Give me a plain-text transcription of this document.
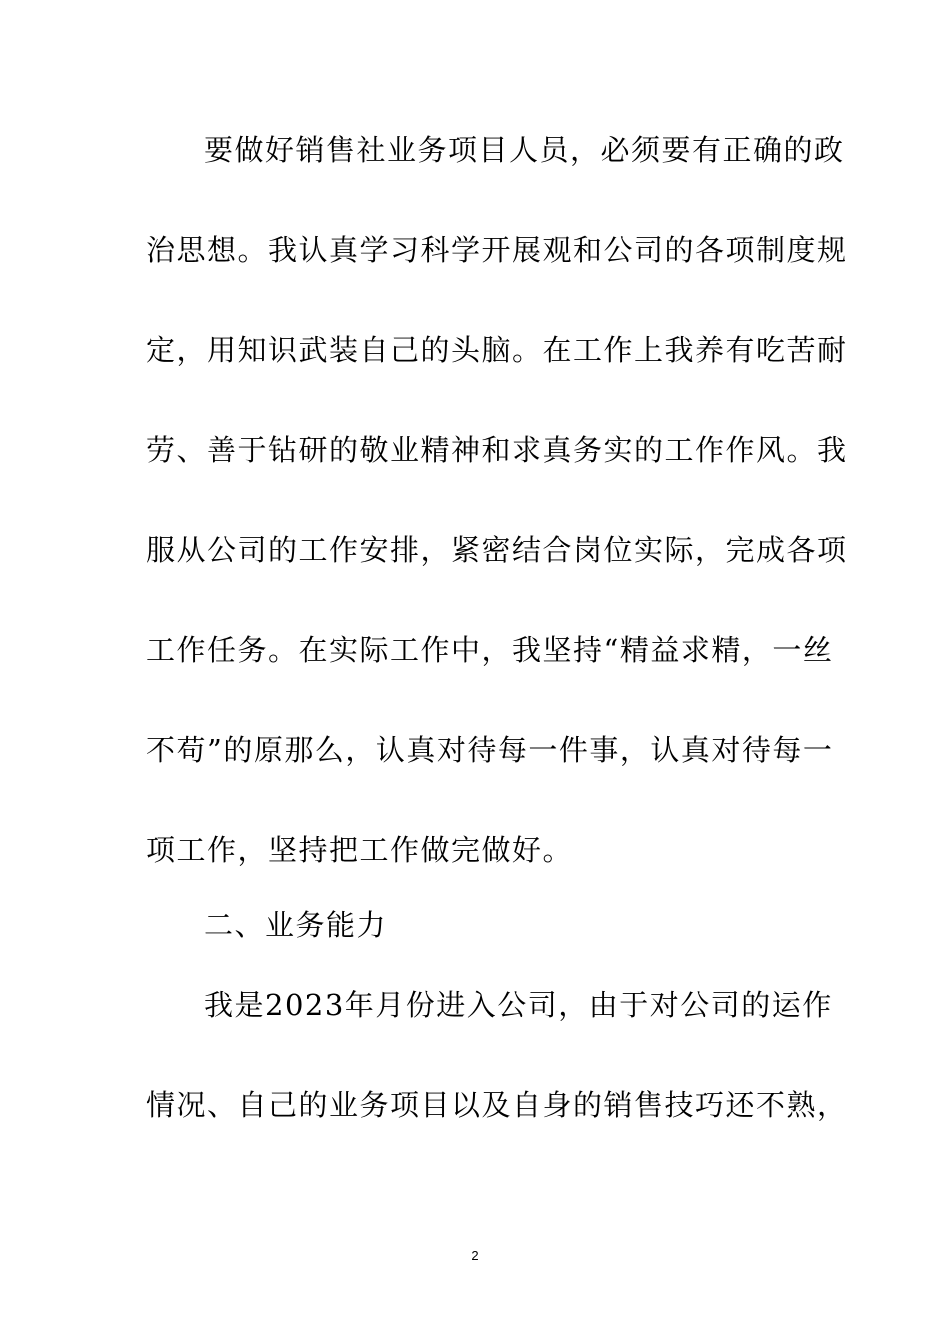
要做好销售社业务项目人员，必须要有正确的政
治思想。我认真学习科学开展观和公司的各项制度规
定，用知识武装自己的头脑。在工作上我养有吃苦耐
劳、善于钻研的敬业精神和求真务实的工作作风。我
服从公司的工作安排，紧密结合岗位实际，完成各项
工作任务。在实际工作中，我坚持“精益求精，一丝
不苟”的原那么，认真对待每一件事，认真对待每一
项工作，坚持把工作做完做好。
二、业务能力
我是2023年月份进入公司，由于对公司的运作
情况、自己的业务项目以及自身的销售技巧还不熟，
2
